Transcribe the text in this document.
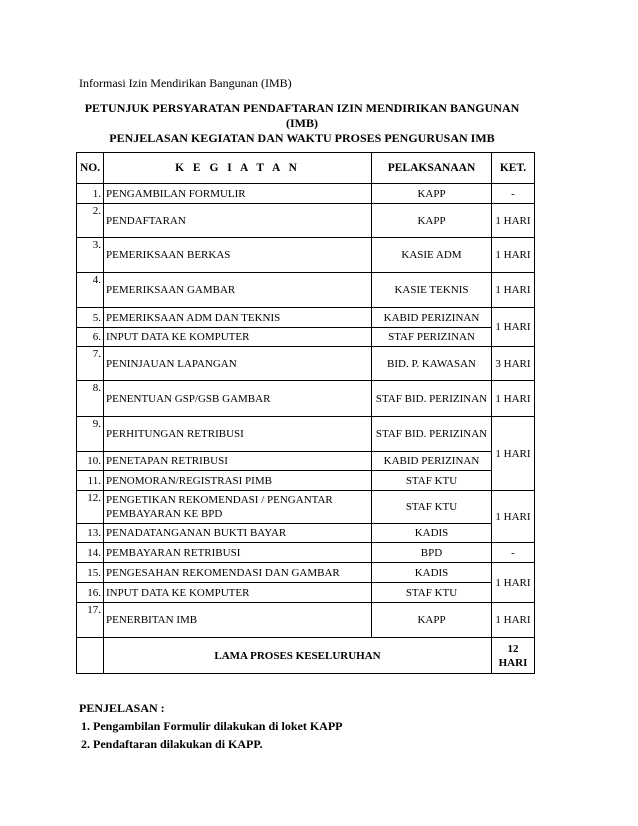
Informasi Izin Mendirikan Bangunan (IMB)
PETUNJUK PERSYARATAN PENDAFTARAN IZIN MENDIRIKAN BANGUNAN
(IMB)
PENJELASAN KEGIATAN DAN WAKTU PROSES PENGURUSAN IMB
NO.	K E G I A T A N	PELAKSANAAN	KET.
1.	PENGAMBILAN FORMULIR	KAPP	-
2.	PENDAFTARAN	KAPP	1 HARI
3.	PEMERIKSAAN BERKAS	KASIE ADM	1 HARI
4.	PEMERIKSAAN GAMBAR	KASIE TEKNIS	1 HARI
5.	PEMERIKSAAN ADM DAN TEKNIS	KABID PERIZINAN	1 HARI
6.	INPUT DATA KE KOMPUTER	STAF PERIZINAN	
7.	PENINJAUAN LAPANGAN	BID. P. KAWASAN	3 HARI
8.	PENENTUAN GSP/GSB GAMBAR	STAF BID. PERIZINAN	1 HARI
9.	PERHITUNGAN RETRIBUSI	STAF BID. PERIZINAN	1 HARI
10.	PENETAPAN RETRIBUSI	KABID PERIZINAN	
11.	PENOMORAN/REGISTRASI PIMB	STAF KTU	
12.	PENGETIKAN REKOMENDASI / PENGANTAR PEMBAYARAN KE BPD	STAF KTU	1 HARI
13.	PENADATANGANAN BUKTI BAYAR	KADIS	
14.	PEMBAYARAN RETRIBUSI	BPD	-
15.	PENGESAHAN REKOMENDASI DAN GAMBAR	KADIS	1 HARI
16.	INPUT DATA KE KOMPUTER	STAF KTU	
17.	PENERBITAN IMB	KAPP	1 HARI
	LAMA PROSES KESELURUHAN		12 HARI
PENJELASAN :
1. Pengambilan Formulir dilakukan di loket KAPP
2. Pendaftaran dilakukan di KAPP.
